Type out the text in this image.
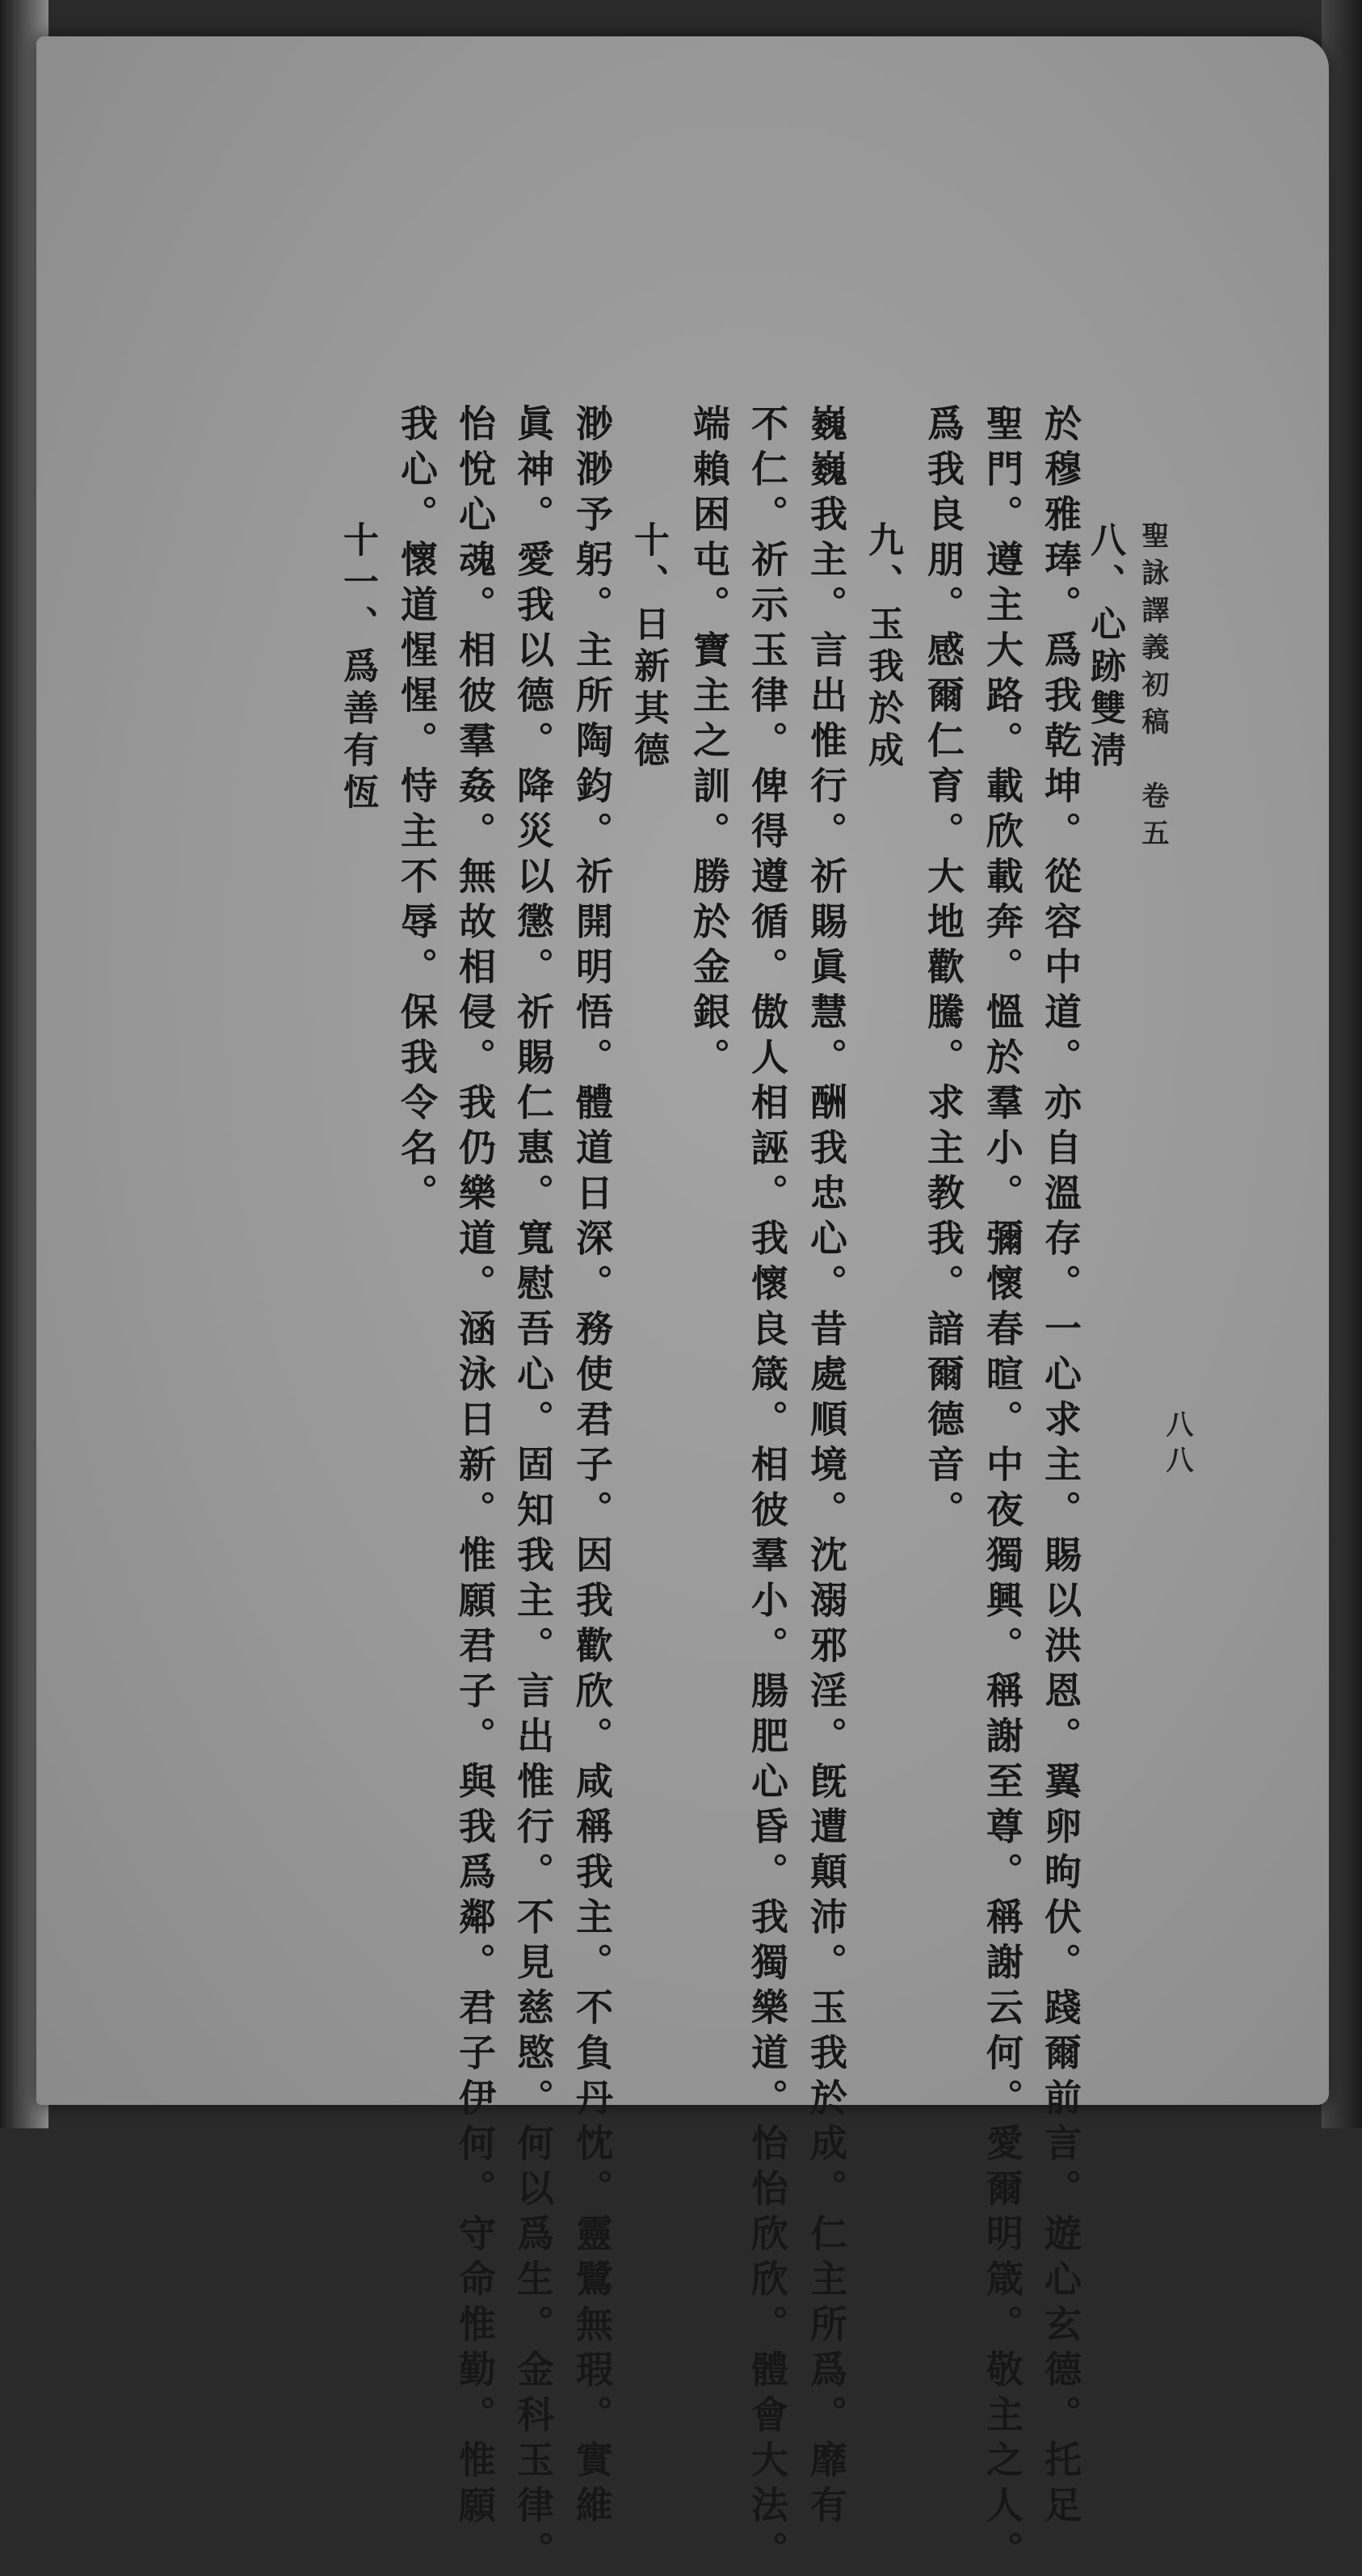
聖詠譯義初稿　卷五
八八
八、心跡雙淸
於穆雅琫。爲我乾坤。從容中道。亦自溫存。一心求主。賜以洪恩。翼卵昫伏。踐爾前言。遊心玄德。托足
聖門。遵主大路。載欣載奔。慍於羣小。彌懷春暄。中夜獨興。稱謝至尊。稱謝云何。愛爾明箴。敬主之人。
爲我良朋。感爾仁育。大地歡騰。求主教我。諳爾德音。
九、玉我於成
巍巍我主。言出惟行。祈賜眞慧。酬我忠心。昔處順境。沈溺邪淫。旣遭顛沛。玉我於成。仁主所爲。靡有
不仁。祈示玉律。俾得遵循。傲人相誣。我懷良箴。相彼羣小。腸肥心昏。我獨樂道。怡怡欣欣。體會大法。
端賴困屯。寶主之訓。勝於金銀。
十、日新其德
渺渺予躬。主所陶鈞。祈開明悟。體道日深。務使君子。因我歡欣。咸稱我主。不負丹忱。靈鷺無瑕。實維
眞神。愛我以德。降災以懲。祈賜仁惠。寬慰吾心。固知我主。言出惟行。不見慈愍。何以爲生。金科玉律。
怡悅心魂。相彼羣姦。無故相侵。我仍樂道。涵泳日新。惟願君子。與我爲鄰。君子伊何。守命惟勤。惟願
我心。懷道惺惺。恃主不辱。保我令名。
十一、爲善有恆
